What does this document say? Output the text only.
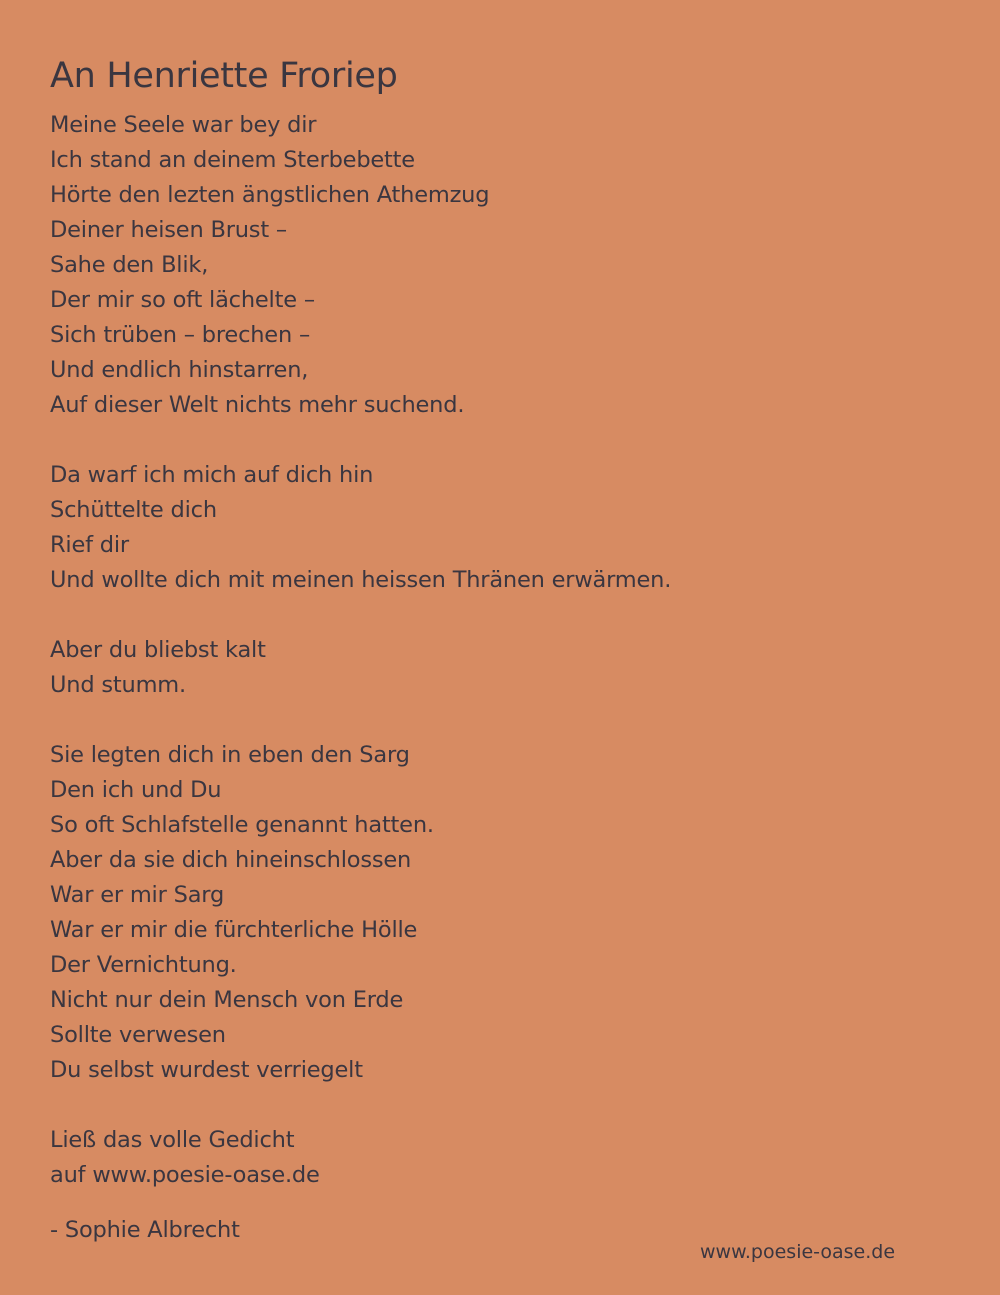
An Henriette Froriep

Meine Seele war bey dir

Ich stand an deinem Sterbebette

Hörte den lezten ängstlichen Athemzug

Deiner heisen Brust –

Sahe den Blik,

Der mir so oft lächelte –

Sich trüben – brechen –

Und endlich hinstarren,

Auf dieser Welt nichts mehr suchend.

Da warf ich mich auf dich hin

Schüttelte dich

Rief dir

Und wollte dich mit meinen heissen Thränen erwärmen.

Aber du bliebst kalt

Und stumm.

Sie legten dich in eben den Sarg

Den ich und Du

So oft Schlafstelle genannt hatten.

Aber da sie dich hineinschlossen

War er mir Sarg

War er mir die fürchterliche Hölle

Der Vernichtung.

Nicht nur dein Mensch von Erde

Sollte verwesen

Du selbst wurdest verriegelt

Ließ das volle Gedicht

auf www.poesie-oase.de

- Sophie Albrecht

www.poesie-oase.de
